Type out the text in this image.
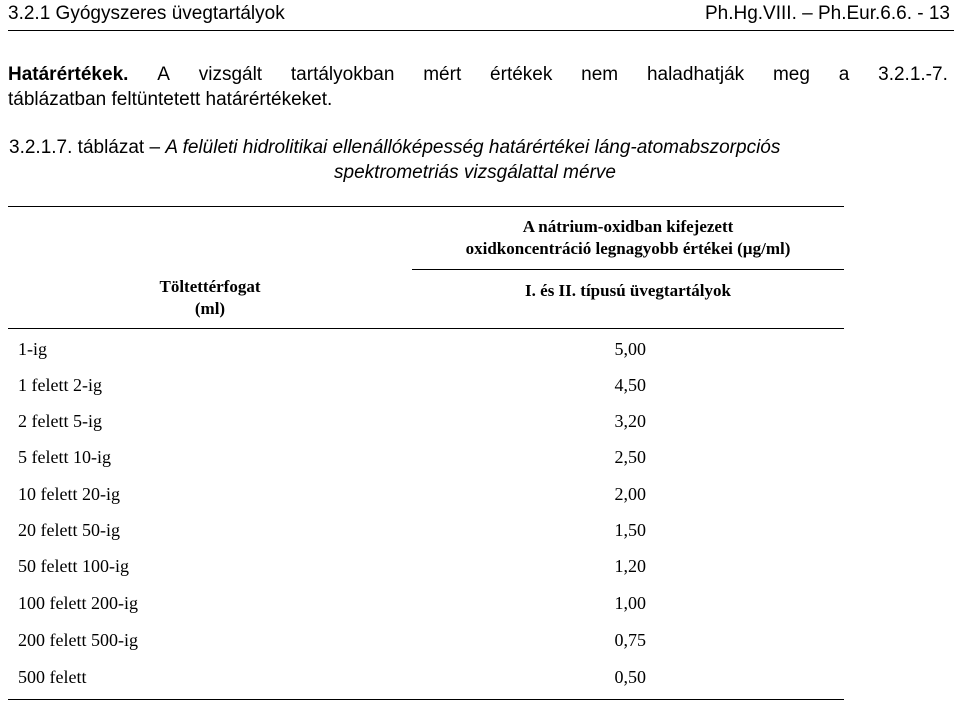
3.2.1 Gyógyszeres üvegtartályok	Ph.Hg.VIII. – Ph.Eur.6.6. - 13
Határértékek. A vizsgált tartályokban mért értékek nem haladhatják meg a 3.2.1.-7.
táblázatban feltüntetett határértékeket.
3.2.1.7. táblázat – A felületi hidrolitikai ellenállóképesség határértékei láng-atomabszorpciós
spektrometriás vizsgálattal mérve
Töltettérfogat
(ml)
A nátrium-oxidban kifejezett
oxidkoncentráció legnagyobb értékei (µg/ml)
I. és II. típusú üvegtartályok
1-ig	5,00
1 felett 2-ig	4,50
2 felett 5-ig	3,20
5 felett 10-ig	2,50
10 felett 20-ig	2,00
20 felett 50-ig	1,50
50 felett 100-ig	1,20
100 felett 200-ig	1,00
200 felett 500-ig	0,75
500 felett	0,50
